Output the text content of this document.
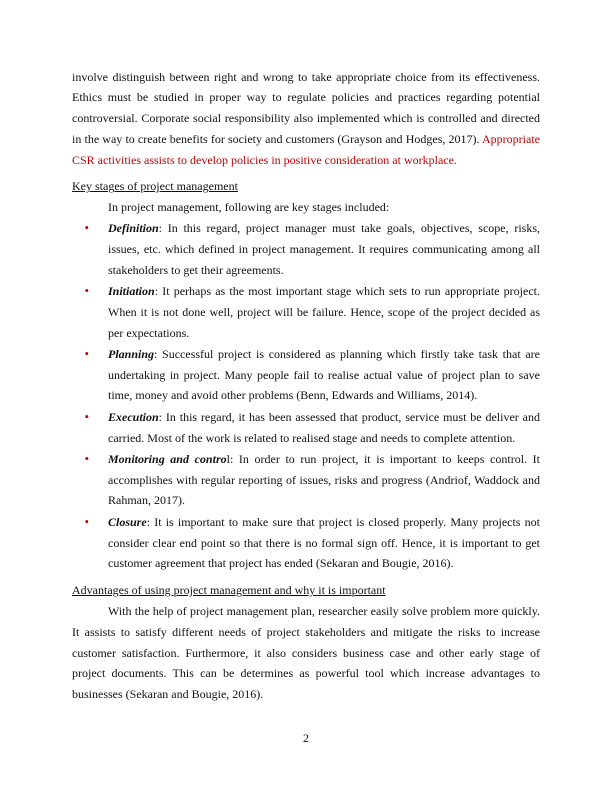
involve distinguish between right and wrong to take appropriate choice from its effectiveness. Ethics must be studied in proper way to regulate policies and practices regarding potential controversial. Corporate social responsibility also implemented which is controlled and directed in the way to create benefits for society and customers (Grayson and Hodges, 2017). Appropriate CSR activities assists to develop policies in positive consideration at workplace.

Key stages of project management

In project management, following are key stages included:

• Definition: In this regard, project manager must take goals, objectives, scope, risks, issues, etc. which defined in project management. It requires communicating among all stakeholders to get their agreements.
• Initiation: It perhaps as the most important stage which sets to run appropriate project. When it is not done well, project will be failure. Hence, scope of the project decided as per expectations.
• Planning: Successful project is considered as planning which firstly take task that are undertaking in project. Many people fail to realise actual value of project plan to save time, money and avoid other problems (Benn, Edwards and Williams, 2014).
• Execution: In this regard, it has been assessed that product, service must be deliver and carried. Most of the work is related to realised stage and needs to complete attention.
• Monitoring and control: In order to run project, it is important to keeps control. It accomplishes with regular reporting of issues, risks and progress (Andriof, Waddock and Rahman, 2017).
• Closure: It is important to make sure that project is closed properly. Many projects not consider clear end point so that there is no formal sign off. Hence, it is important to get customer agreement that project has ended (Sekaran and Bougie, 2016).

Advantages of using project management and why it is important

With the help of project management plan, researcher easily solve problem more quickly. It assists to satisfy different needs of project stakeholders and mitigate the risks to increase customer satisfaction. Furthermore, it also considers business case and other early stage of project documents. This can be determines as powerful tool which increase advantages to businesses (Sekaran and Bougie, 2016).

2
